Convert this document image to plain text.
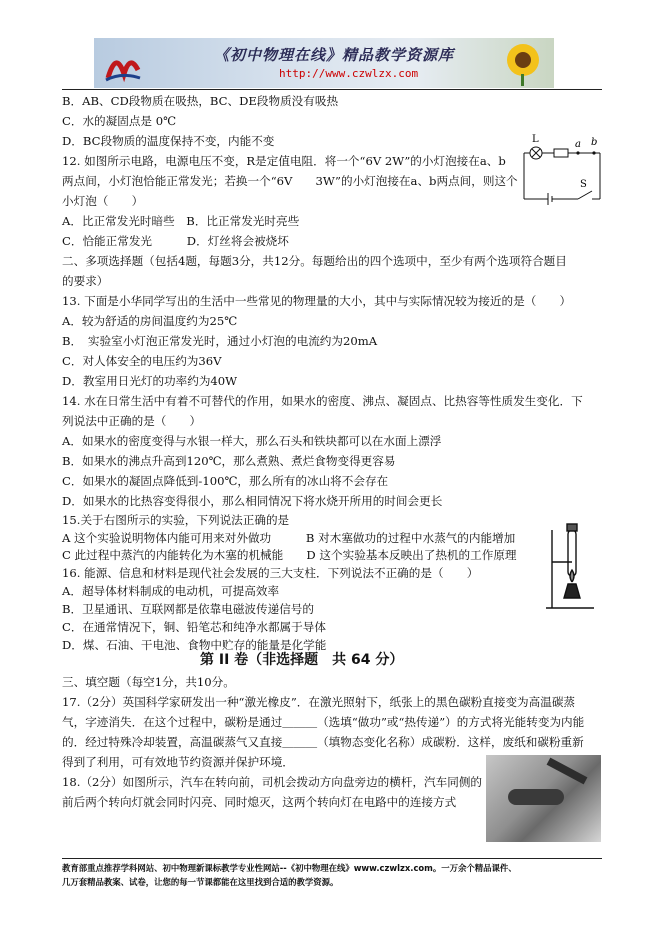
《初中物理在线》精品教学资源库
http://www.czwlzx.com
B．AB、CD段物质在吸热，BC、DE段物质没有吸热
C．水的凝固点是 0℃
D．BC段物质的温度保持不变，内能不变
12. 如图所示电路，电源电压不变，R是定值电阻．将一个“6V 2W”的小灯泡接在a、b
两点间，小灯泡恰能正常发光；若换一个“6V　　3W”的小灯泡接在a、b两点间，则这个
小灯泡（　　）
A．比正常发光时暗些　B．比正常发光时亮些
C．恰能正常发光　　　D．灯丝将会被烧坏
二、多项选择题（包括4题，每题3分，共12分。每题给出的四个选项中，至少有两个选项符合题目
的要求）
13. 下面是小华同学写出的生活中一些常见的物理量的大小，其中与实际情况较为接近的是（　　）
A．较为舒适的房间温度约为25℃
B．　实验室小灯泡正常发光时，通过小灯泡的电流约为20mA
C．对人体安全的电压约为36V
D．教室用日光灯的功率约为40W
14. 水在日常生活中有着不可替代的作用，如果水的密度、沸点、凝固点、比热容等性质发生变化．下
列说法中正确的是（　　）
A．如果水的密度变得与水银一样大，那么石头和铁块都可以在水面上漂浮
B．如果水的沸点升高到120℃，那么煮熟、煮烂食物变得更容易
C．如果水的凝固点降低到-100℃，那么所有的冰山将不会存在
D．如果水的比热容变得很小，那么相同情况下将水烧开所用的时间会更长
15.关于右图所示的实验，下列说法正确的是
A 这个实验说明物体内能可用来对外做功　　　B 对木塞做功的过程中水蒸气的内能增加
C 此过程中蒸汽的内能转化为木塞的机械能　　D 这个实验基本反映出了热机的工作原理
16. 能源、信息和材料是现代社会发展的三大支柱．下列说法不正确的是（　　）
A．超导体材料制成的电动机，可提高效率
B．卫星通讯、互联网都是依靠电磁波传递信号的
C．在通常情况下，铜、铅笔芯和纯净水都属于导体
D．煤、石油、干电池、食物中贮存的能量是化学能
三、填空题（每空1分，共10分。
17.（2分）英国科学家研发出一种“激光橡皮”．在激光照射下，纸张上的黑色碳粉直接变为高温碳蒸
气，字迹消失．在这个过程中，碳粉是通过＿＿＿（选填“做功”或“热传递”）的方式将光能转变为内能
的．经过特殊冷却装置，高温碳蒸气又直接＿＿＿（填物态变化名称）成碳粉．这样，废纸和碳粉重新
得到了利用，可有效地节约资源并保护环境．
18.（2分）如图所示，汽车在转向前，司机会拨动方向盘旁边的横杆，汽车同侧的
前后两个转向灯就会同时闪亮、同时熄灭，这两个转向灯在电路中的连接方式
L	a b
S
第 II 卷（非选择题　共 64 分）
教育部重点推荐学科网站、初中物理新课标教学专业性网站--《初中物理在线》www.czwlzx.com。一万余个精品课件、
几万套精品教案、试卷，让您的每一节课都能在这里找到合适的教学资源。
